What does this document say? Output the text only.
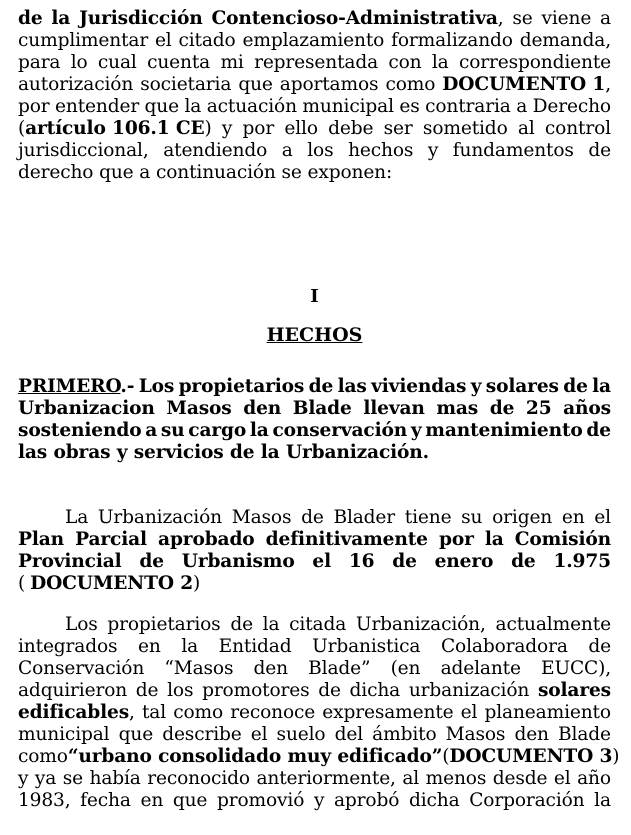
de la Jurisdicción Contencioso-Administrativa, se viene a
cumplimentar el citado emplazamiento formalizando demanda,
para lo cual cuenta mi representada con la correspondiente
autorización societaria que aportamos como DOCUMENTO 1,
por entender que la actuación municipal es contraria a Derecho
(artículo 106.1 CE) y por ello debe ser sometido al control
jurisdiccional, atendiendo a los hechos y fundamentos de
derecho que a continuación se exponen:
I
HECHOS
PRIMERO.- Los propietarios de las viviendas y solares de la
Urbanizacion Masos den Blade llevan mas de 25 años
sosteniendo a su cargo la conservación y mantenimiento de
las obras y servicios de la Urbanización.
La Urbanización Masos de Blader tiene su origen en el
Plan Parcial aprobado definitivamente por la Comisión
Provincial de Urbanismo el 16 de enero de 1.975
( DOCUMENTO 2)
Los propietarios de la citada Urbanización, actualmente
integrados en la Entidad Urbanistica Colaboradora de
Conservación “Masos den Blade” (en adelante EUCC),
adquirieron de los promotores de dicha urbanización solares
edificables, tal como reconoce expresamente el planeamiento
municipal que describe el suelo del ámbito Masos den Blade
como “urbano consolidado muy edificado” (DOCUMENTO 3)
y ya se había reconocido anteriormente, al menos desde el año
1983, fecha en que promovió y aprobó dicha Corporación la
